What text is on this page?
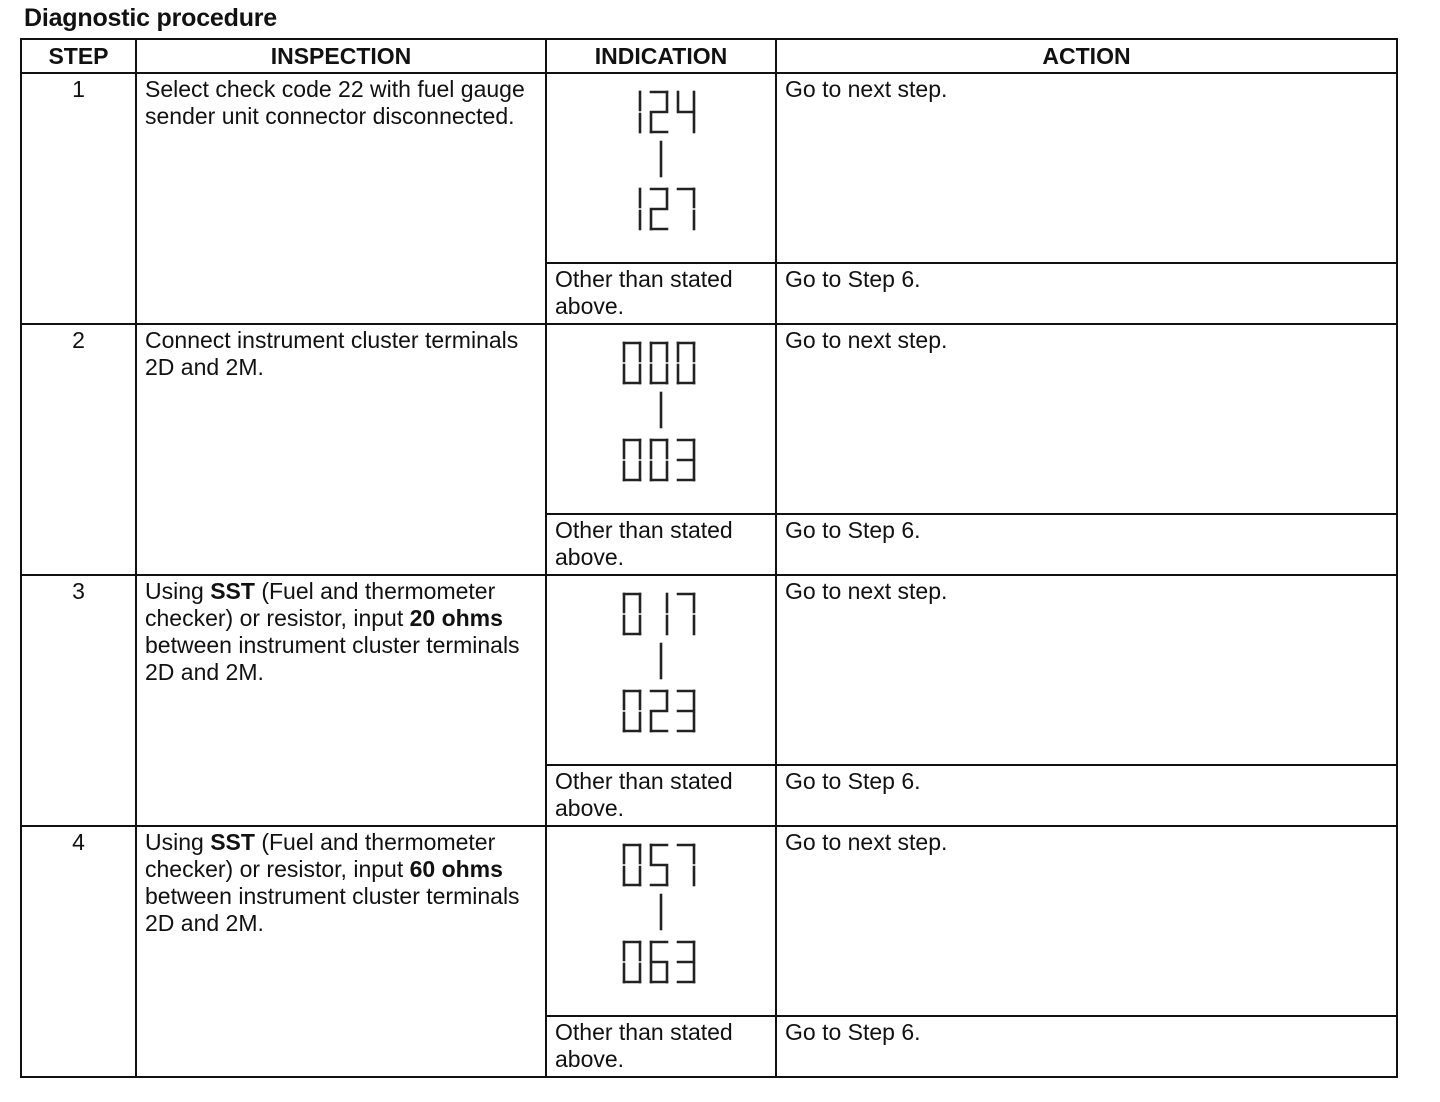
Diagnostic procedure
STEP	INSPECTION	INDICATION	ACTION
1	Select check code 22 with fuel gauge sender unit connector disconnected.		Go to next step.
		Other than stated above.	Go to Step 6.
2	Connect instrument cluster terminals 2D and 2M.		Go to next step.
		Other than stated above.	Go to Step 6.
3	Using SST (Fuel and thermometer checker) or resistor, input 20 ohms between instrument cluster terminals 2D and 2M.		Go to next step.
		Other than stated above.	Go to Step 6.
4	Using SST (Fuel and thermometer checker) or resistor, input 60 ohms between instrument cluster terminals 2D and 2M.		Go to next step.
		Other than stated above.	Go to Step 6.
